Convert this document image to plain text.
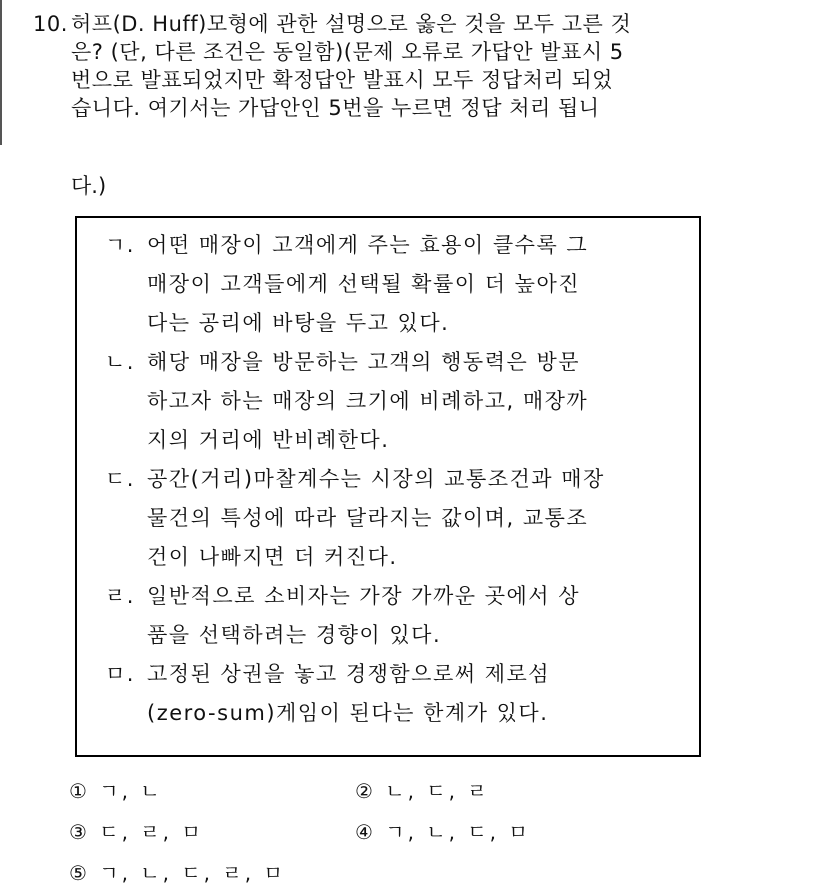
10. 허프(D. Huff)모형에 관한 설명으로 옳은 것을 모두 고른 것
은? (단, 다른 조건은 동일함)(문제 오류로 가답안 발표시 5
번으로 발표되었지만 확정답안 발표시 모두 정답처리 되었
습니다. 여기서는 가답안인 5번을 누르면 정답 처리 됩니
다.)
ㄱ. 어떤 매장이 고객에게 주는 효용이 클수록 그
매장이 고객들에게 선택될 확률이 더 높아진
다는 공리에 바탕을 두고 있다.
ㄴ. 해당 매장을 방문하는 고객의 행동력은 방문
하고자 하는 매장의 크기에 비례하고, 매장까
지의 거리에 반비례한다.
ㄷ. 공간(거리)마찰계수는 시장의 교통조건과 매장
물건의 특성에 따라 달라지는 값이며, 교통조
건이 나빠지면 더 커진다.
ㄹ. 일반적으로 소비자는 가장 가까운 곳에서 상
품을 선택하려는 경향이 있다.
ㅁ. 고정된 상권을 놓고 경쟁함으로써 제로섬
(zero-sum)게임이 된다는 한계가 있다.
① ㄱ, ㄴ	② ㄴ, ㄷ, ㄹ
③ ㄷ, ㄹ, ㅁ	④ ㄱ, ㄴ, ㄷ, ㅁ
⑤ ㄱ, ㄴ, ㄷ, ㄹ, ㅁ
